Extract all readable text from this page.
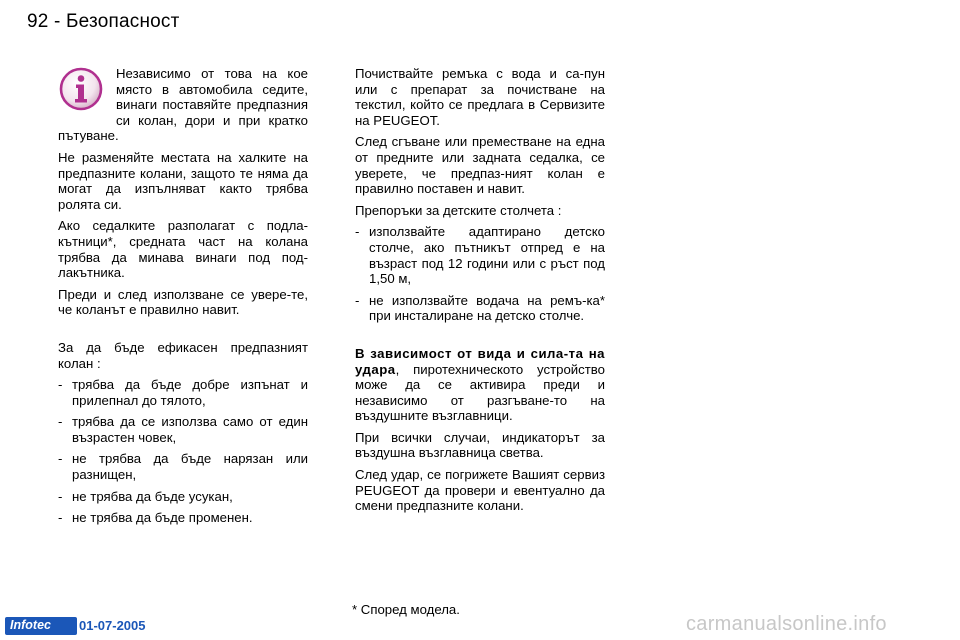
92 - Безопасност

Независимо от това на кое място в автомобила седите, винаги поставяйте предпазния си колан, дори и при кратко пътуване.

Не разменяйте местата на халките на предпазните колани, защото те няма да могат да изпълняват както трябва ролята си.

Ако седалките разполагат с подла-кътници*, средната част на колана трябва да минава винаги под под-лакътника.

Преди и след използване се увере-те, че коланът е правилно навит.

За да бъде ефикасен предпазният колан :

- трябва да бъде добре изпънат и прилепнал до тялото,
- трябва да се използва само от един възрастен човек,
- не трябва да бъде нарязан или разнищен,
- не трябва да бъде усукан,
- не трябва да бъде променен.

Почиствайте ремъка с вода и са-пун или с препарат за почистване на текстил, който се предлага в Сервизите на PEUGEOT.

След сгъване или преместване на една от предните или задната седалка, се уверете, че предпаз-ният колан е правилно поставен и навит.

Препоръки за детските столчета :

- използвайте адаптирано детско столче, ако пътникът отпред е на възраст под 12 години или с ръст под 1,50 м,
- не използвайте водача на ремъ-ка* при инсталиране на детско столче.

В зависимост от вида и сила-та на удара, пиротехническото устройство може да се активира преди и независимо от разгъване-то на въздушните възглавници.

При всички случаи, индикаторът за въздушна възглавница светва.

След удар, се погрижете Вашият сервиз PEUGEOT да провери и евентуално да смени предпазните колани.

* Според модела.
Infotec 01-07-2005	carmanualsonline.info
